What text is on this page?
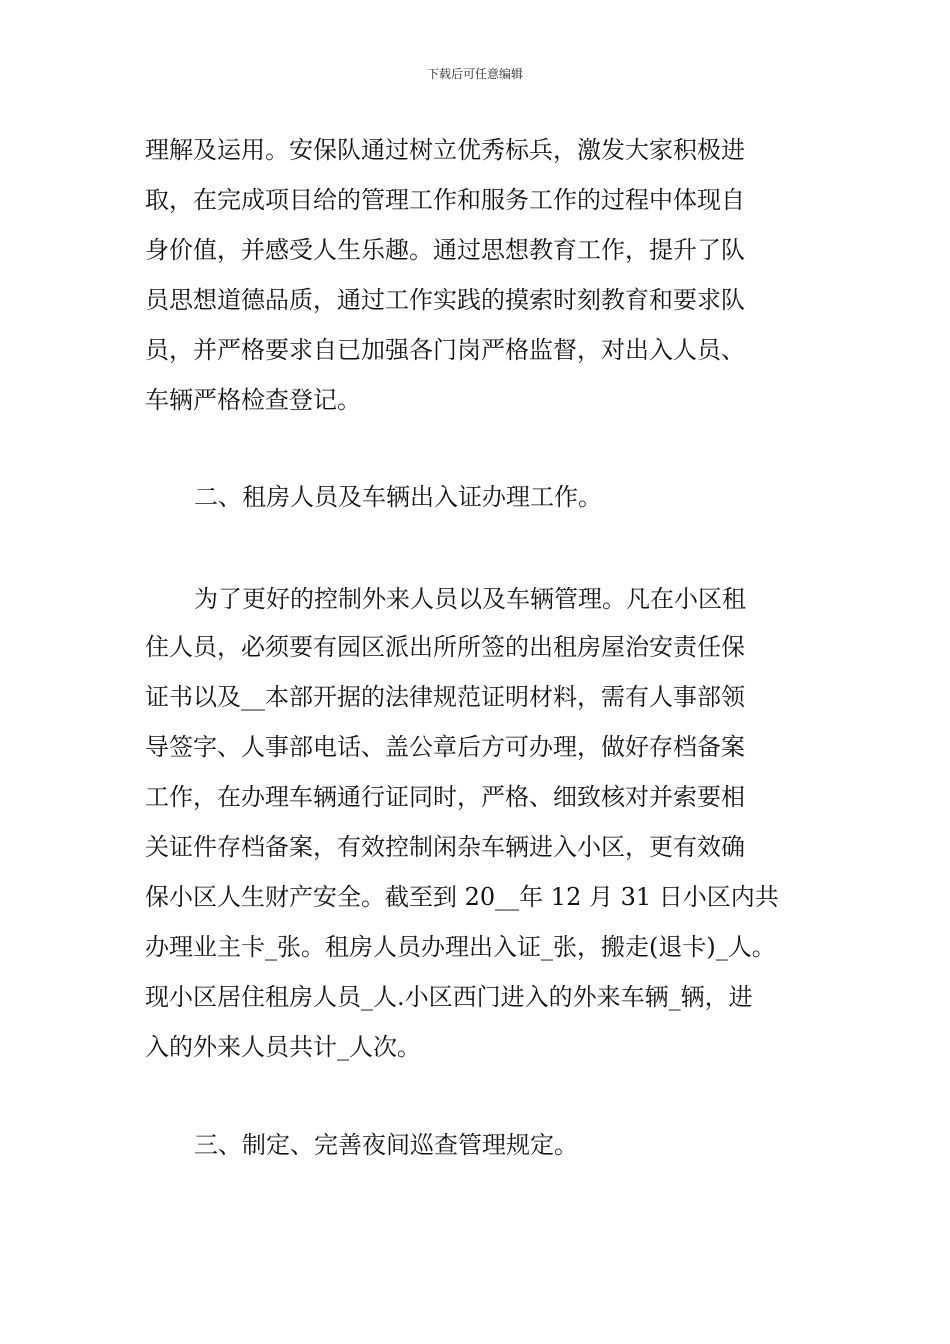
下载后可任意编辑
理解及运用。安保队通过树立优秀标兵，激发大家积极进
取，在完成项目给的管理工作和服务工作的过程中体现自
身价值，并感受人生乐趣。通过思想教育工作，提升了队
员思想道德品质，通过工作实践的摸索时刻教育和要求队
员，并严格要求自已加强各门岗严格监督，对出入人员、
车辆严格检查登记。
二、租房人员及车辆出入证办理工作。
为了更好的控制外来人员以及车辆管理。凡在小区租
住人员，必须要有园区派出所所签的出租房屋治安责任保
证书以及__本部开据的法律规范证明材料，需有人事部领
导签字、人事部电话、盖公章后方可办理，做好存档备案
工作，在办理车辆通行证同时，严格、细致核对并索要相
关证件存档备案，有效控制闲杂车辆进入小区，更有效确
保小区人生财产安全。截至到 20__年 12 月 31 日小区内共
办理业主卡_张。租房人员办理出入证_张，搬走(退卡)_人。
现小区居住租房人员_人.小区西门进入的外来车辆_辆，进
入的外来人员共计_人次。
三、制定、完善夜间巡查管理规定。
